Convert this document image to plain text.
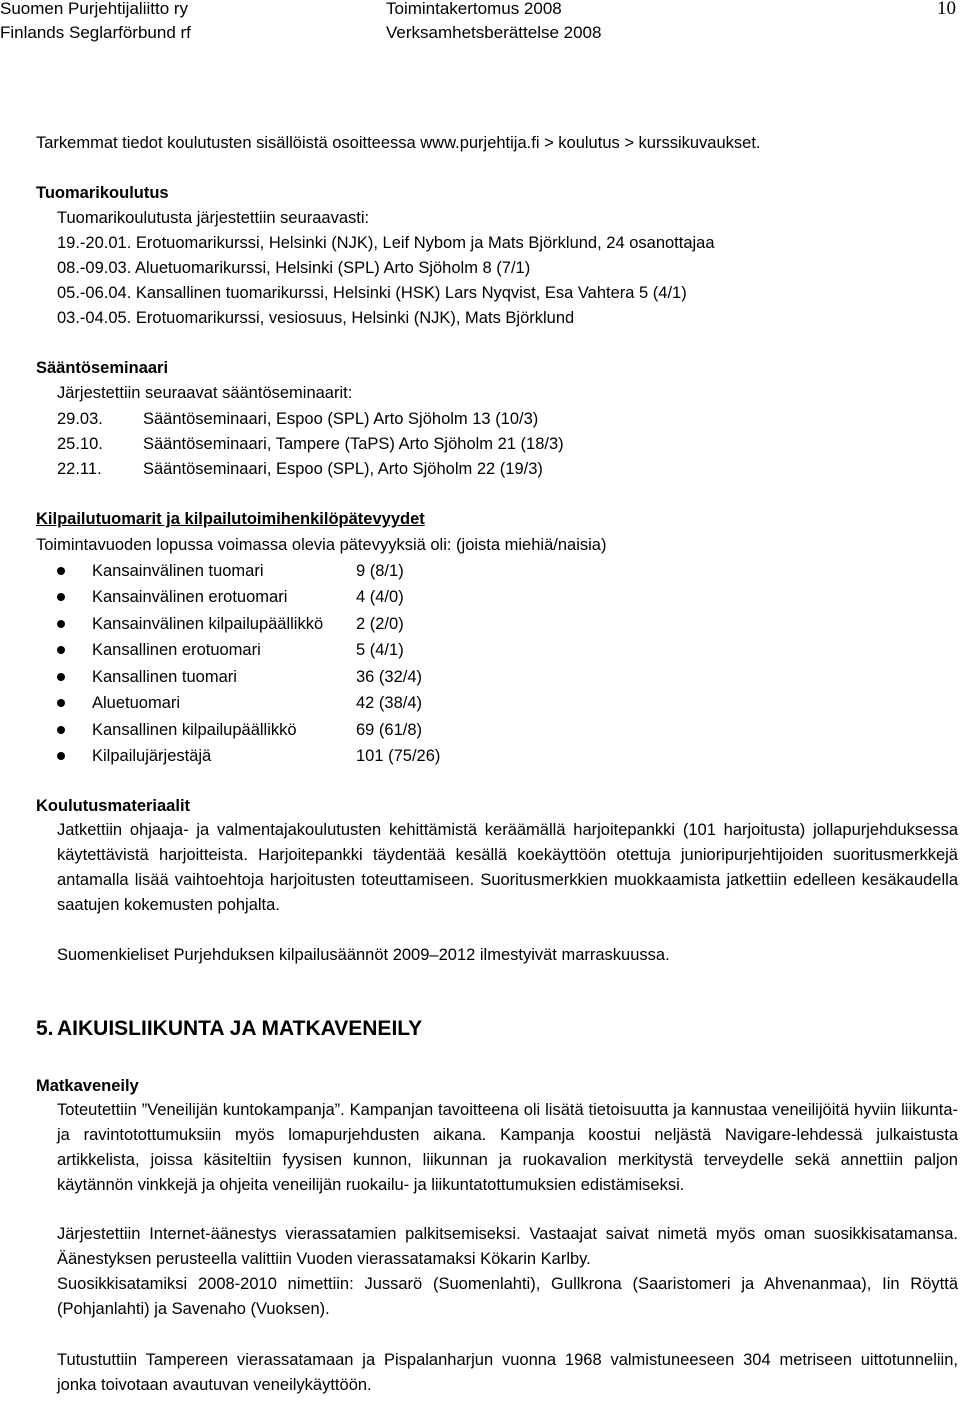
Suomen Purjehtijaliitto ry
Finlands Seglarförbund rf
Toimintakertomus 2008
Verksamhetsberättelse 2008
10
Tarkemmat tiedot koulutusten sisällöistä osoitteessa www.purjehtija.fi > koulutus > kurssikuvaukset.
Tuomarikoulutus
Tuomarikoulutusta järjestettiin seuraavasti:
19.-20.01. Erotuomarikurssi, Helsinki (NJK), Leif Nybom ja Mats Björklund, 24 osanottajaa
08.-09.03. Aluetuomarikurssi, Helsinki (SPL) Arto Sjöholm 8 (7/1)
05.-06.04. Kansallinen tuomarikurssi, Helsinki (HSK) Lars Nyqvist, Esa Vahtera 5 (4/1)
03.-04.05. Erotuomarikurssi, vesiosuus, Helsinki (NJK), Mats Björklund
Sääntöseminaari
Järjestettiin seuraavat sääntöseminaarit:
29.03. Sääntöseminaari, Espoo (SPL) Arto Sjöholm 13 (10/3)
25.10. Sääntöseminaari, Tampere (TaPS) Arto Sjöholm 21 (18/3)
22.11.	Sääntöseminaari, Espoo (SPL), Arto Sjöholm 22 (19/3)
Kilpailutuomarit ja kilpailutoimihenkilöpätevyydet
Toimintavuoden lopussa voimassa olevia pätevyyksiä oli: (joista miehiä/naisia)
Kansainvälinen tuomari	9 (8/1)
Kansainvälinen erotuomari	4 (4/0)
Kansainvälinen kilpailupäällikkö 2 (2/0)
Kansallinen erotuomari	5 (4/1)
Kansallinen tuomari	36 (32/4)
Aluetuomari	42 (38/4)
Kansallinen kilpailupäällikkö	69 (61/8)
Kilpailujärjestäjä	101 (75/26)
Koulutusmateriaalit
Jatkettiin ohjaaja- ja valmentajakoulutusten kehittämistä keräämällä harjoitepankki (101 harjoitusta) jollapurjehduksessa käytettävistä harjoitteista. Harjoitepankki täydentää kesällä koekäyttöön otettuja junioripurjehtijoiden suoritusmerkkejä antamalla lisää vaihtoehtoja harjoitusten toteuttamiseen. Suoritusmerkkien muokkaamista jatkettiin edelleen kesäkaudella saatujen kokemusten pohjalta.
Suomenkieliset Purjehduksen kilpailusäännöt 2009–2012 ilmestyivät marraskuussa.
5. AIKUISLIIKUNTA JA MATKAVENEILY
Matkaveneily
Toteutettiin ”Veneilijän kuntokampanja”. Kampanjan tavoitteena oli lisätä tietoisuutta ja kannustaa veneilijöitä hyviin liikunta- ja ravintotottumuksiin myös lomapurjehdusten aikana. Kampanja koostui neljästä Navigare-lehdessä julkaistusta artikkelista, joissa käsiteltiin fyysisen kunnon, liikunnan ja ruokavalion merkitystä terveydelle sekä annettiin paljon käytännön vinkkejä ja ohjeita veneilijän ruokailu- ja liikuntatottumuksien edistämiseksi.
Järjestettiin Internet-äänestys vierassatamien palkitsemiseksi. Vastaajat saivat nimetä myös oman suosikkisatamansa. Äänestyksen perusteella valittiin Vuoden vierassatamaksi Kökarin Karlby.
Suosikkisatamiksi 2008-2010 nimettiin: Jussarö (Suomenlahti), Gullkrona (Saaristomeri ja Ahvenanmaa), Iin Röyttä (Pohjanlahti) ja Savenaho (Vuoksen).
Tutustuttiin Tampereen vierassatamaan ja Pispalanharjun vuonna 1968 valmistuneeseen 304 metriseen uittotunneliin, jonka toivotaan avautuvan veneilykäyttöön.
